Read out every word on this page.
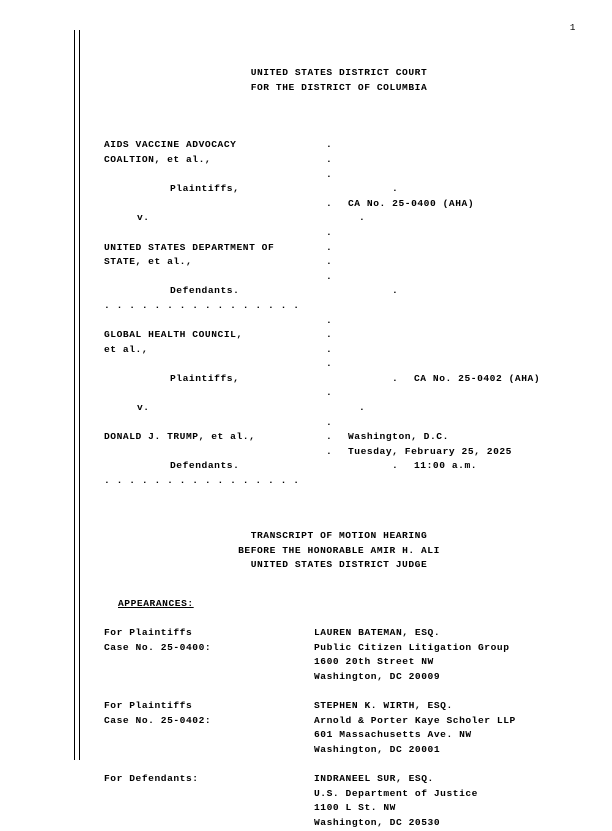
1
UNITED STATES DISTRICT COURT
FOR THE DISTRICT OF COLUMBIA
AIDS VACCINE ADVOCACY	.
COALTION, et al.,	.
.
Plaintiffs,	.
.	CA No. 25-0400 (AHA)
v.	.
.
UNITED STATES DEPARTMENT OF	.
STATE, et al.,	.
.
Defendants.	.
. . . . . . . . . . . . . . . .
.
GLOBAL HEALTH COUNCIL,	.
et al.,	.
.
Plaintiffs,	.	CA No. 25-0402 (AHA)
.
v.	.
.
DONALD J. TRUMP, et al.,	.	Washington, D.C.
.	Tuesday, February 25, 2025
Defendants.	.	11:00 a.m.
. . . . . . . . . . . . . . . .
TRANSCRIPT OF MOTION HEARING
BEFORE THE HONORABLE AMIR H. ALI
UNITED STATES DISTRICT JUDGE
APPEARANCES:
For Plaintiffs	LAUREN BATEMAN, ESQ.
Case No. 25-0400:	Public Citizen Litigation Group
1600 20th Street NW
Washington, DC 20009
For Plaintiffs	STEPHEN K. WIRTH, ESQ.
Case No. 25-0402:	Arnold & Porter Kaye Scholer LLP
601 Massachusetts Ave. NW
Washington, DC 20001
For Defendants:	INDRANEEL SUR, ESQ.
U.S. Department of Justice
1100 L St. NW
Washington, DC 20530
